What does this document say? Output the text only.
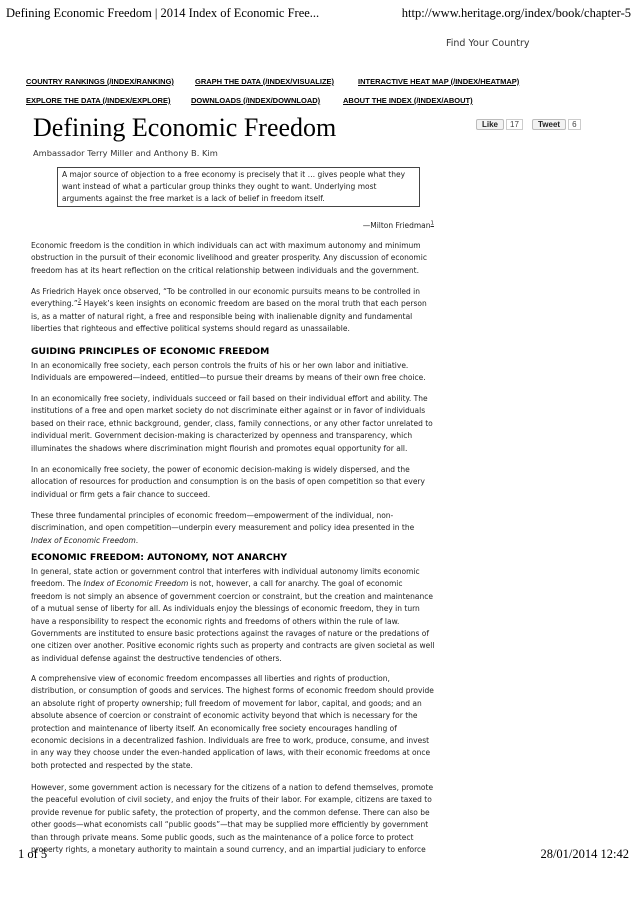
Defining Economic Freedom | 2014 Index of Economic Free...	http://www.heritage.org/index/book/chapter-5
Find Your Country
COUNTRY RANKINGS (/INDEX/RANKING)	GRAPH THE DATA (/INDEX/VISUALIZE)	INTERACTIVE HEAT MAP (/INDEX/HEATMAP)
EXPLORE THE DATA (/INDEX/EXPLORE)	DOWNLOADS (/INDEX/DOWNLOAD)	ABOUT THE INDEX (/INDEX/ABOUT)
Defining Economic Freedom	Like 17	Tweet 6
Ambassador Terry Miller and Anthony B. Kim
A major source of objection to a free economy is precisely that it … gives people what they want instead of what a particular group thinks they ought to want. Underlying most arguments against the free market is a lack of belief in freedom itself.
—Milton Friedman$^1$

Economic freedom is the condition in which individuals can act with maximum autonomy and minimum obstruction in the pursuit of their economic livelihood and greater prosperity. Any discussion of economic freedom has at its heart reflection on the critical relationship between individuals and the government.

As Friedrich Hayek once observed, “To be controlled in our economic pursuits means to be controlled in everything.”$^2$ Hayek’s keen insights on economic freedom are based on the moral truth that each person is, as a matter of natural right, a free and responsible being with inalienable dignity and fundamental liberties that righteous and effective political systems should regard as unassailable.

GUIDING PRINCIPLES OF ECONOMIC FREEDOM

In an economically free society, each person controls the fruits of his or her own labor and initiative. Individuals are empowered—indeed, entitled—to pursue their dreams by means of their own free choice.

In an economically free society, individuals succeed or fail based on their individual effort and ability. The institutions of a free and open market society do not discriminate either against or in favor of individuals based on their race, ethnic background, gender, class, family connections, or any other factor unrelated to individual merit. Government decision-making is characterized by openness and transparency, which illuminates the shadows where discrimination might flourish and promotes equal opportunity for all.

In an economically free society, the power of economic decision-making is widely dispersed, and the allocation of resources for production and consumption is on the basis of open competition so that every individual or firm gets a fair chance to succeed.

These three fundamental principles of economic freedom—empowerment of the individual, non-discrimination, and open competition—underpin every measurement and policy idea presented in the Index of Economic Freedom.

ECONOMIC FREEDOM: AUTONOMY, NOT ANARCHY

In general, state action or government control that interferes with individual autonomy limits economic freedom. The Index of Economic Freedom is not, however, a call for anarchy. The goal of economic freedom is not simply an absence of government coercion or constraint, but the creation and maintenance of a mutual sense of liberty for all. As individuals enjoy the blessings of economic freedom, they in turn have a responsibility to respect the economic rights and freedoms of others within the rule of law. Governments are instituted to ensure basic protections against the ravages of nature or the predations of one citizen over another. Positive economic rights such as property and contracts are given societal as well as individual defense against the destructive tendencies of others.

A comprehensive view of economic freedom encompasses all liberties and rights of production, distribution, or consumption of goods and services. The highest forms of economic freedom should provide an absolute right of property ownership; full freedom of movement for labor, capital, and goods; and an absolute absence of coercion or constraint of economic activity beyond that which is necessary for the protection and maintenance of liberty itself. An economically free society encourages handling of economic decisions in a decentralized fashion. Individuals are free to work, produce, consume, and invest in any way they choose under the even-handed application of laws, with their economic freedoms at once both protected and respected by the state.

However, some government action is necessary for the citizens of a nation to defend themselves, promote the peaceful evolution of civil society, and enjoy the fruits of their labor. For example, citizens are taxed to provide revenue for public safety, the protection of property, and the common defense. There can also be other goods—what economists call “public goods”—that may be supplied more efficiently by government than through private means. Some public goods, such as the maintenance of a police force to protect property rights, a monetary authority to maintain a sound currency, and an impartial judiciary to enforce

1 of 5	28/01/2014 12:42
